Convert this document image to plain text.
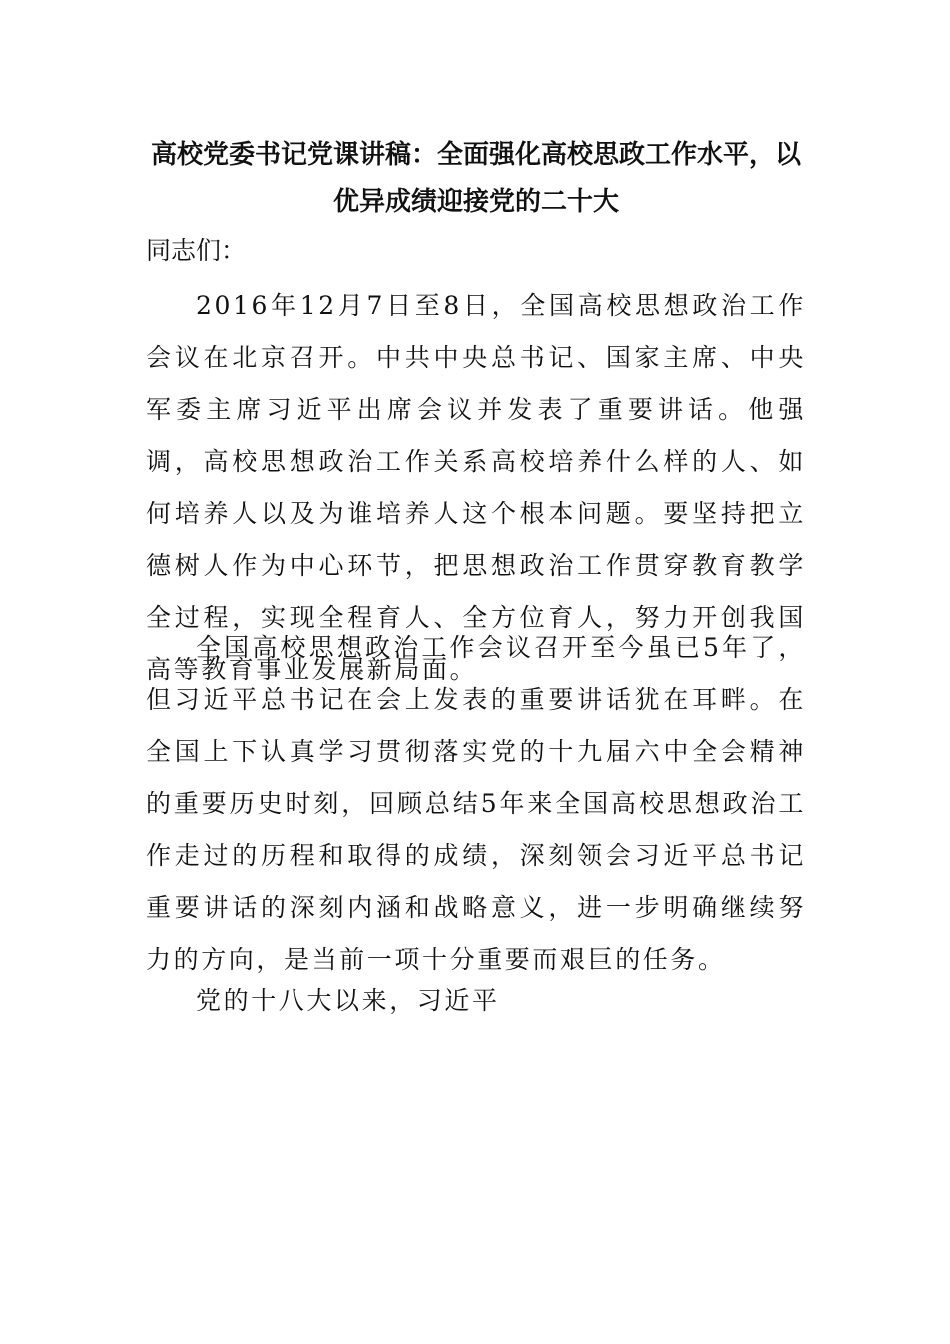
高校党委书记党课讲稿：全面强化高校思政工作水平，以优异成绩迎接党的二十大

同志们：

2016年12月7日至8日，全国高校思想政治工作会议在北京召开。中共中央总书记、国家主席、中央军委主席习近平出席会议并发表了重要讲话。他强调，高校思想政治工作关系高校培养什么样的人、如何培养人以及为谁培养人这个根本问题。要坚持把立德树人作为中心环节，把思想政治工作贯穿教育教学全过程，实现全程育人、全方位育人，努力开创我国高等教育事业发展新局面。

全国高校思想政治工作会议召开至今虽已5年了，但习近平总书记在会上发表的重要讲话犹在耳畔。在全国上下认真学习贯彻落实党的十九届六中全会精神的重要历史时刻，回顾总结5年来全国高校思想政治工作走过的历程和取得的成绩，深刻领会习近平总书记重要讲话的深刻内涵和战略意义，进一步明确继续努力的方向，是当前一项十分重要而艰巨的任务。

党的十八大以来，习近平
